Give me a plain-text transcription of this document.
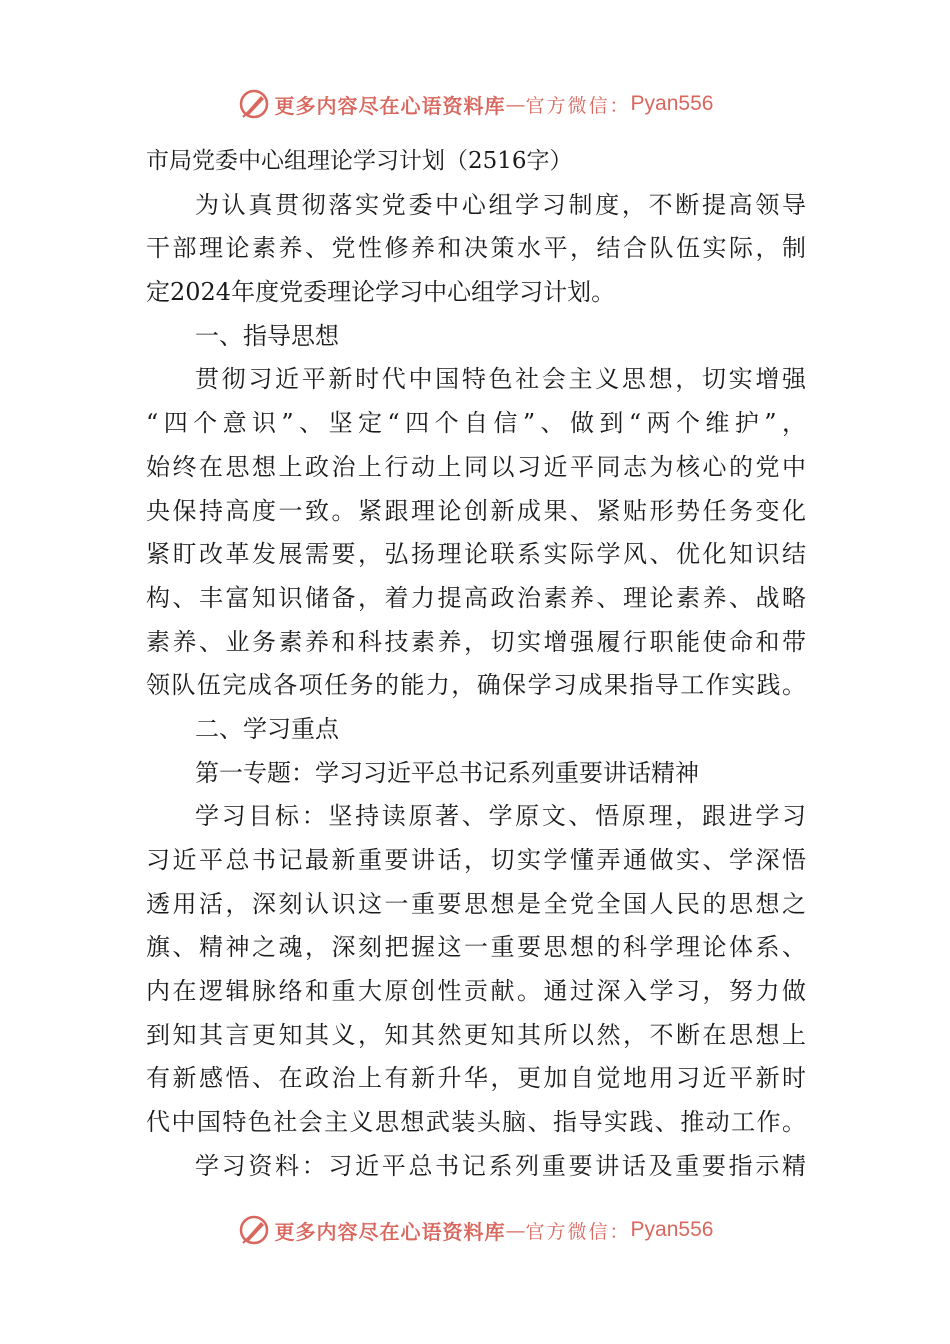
更多内容尽在心语资料库 — 官方微信： Pyan556
市局党委中心组理论学习计划（2516字）
为认真贯彻落实党委中心组学习制度，不断提高领导
干部理论素养、党性修养和决策水平，结合队伍实际，制
定2024年度党委理论学习中心组学习计划。
一、指导思想
贯彻习近平新时代中国特色社会主义思想，切实增强
“四个意识”、坚定“四个自信”、做到“两个维护”，
始终在思想上政治上行动上同以习近平同志为核心的党中
央保持高度一致。紧跟理论创新成果、紧贴形势任务变化
紧盯改革发展需要，弘扬理论联系实际学风、优化知识结
构、丰富知识储备，着力提高政治素养、理论素养、战略
素养、业务素养和科技素养，切实增强履行职能使命和带
领队伍完成各项任务的能力，确保学习成果指导工作实践。
二、学习重点
第一专题：学习习近平总书记系列重要讲话精神
学习目标：坚持读原著、学原文、悟原理，跟进学习
习近平总书记最新重要讲话，切实学懂弄通做实、学深悟
透用活，深刻认识这一重要思想是全党全国人民的思想之
旗、精神之魂，深刻把握这一重要思想的科学理论体系、
内在逻辑脉络和重大原创性贡献。通过深入学习，努力做
到知其言更知其义，知其然更知其所以然，不断在思想上
有新感悟、在政治上有新升华，更加自觉地用习近平新时
代中国特色社会主义思想武装头脑、指导实践、推动工作。
学习资料：习近平总书记系列重要讲话及重要指示精
更多内容尽在心语资料库 — 官方微信： Pyan556
